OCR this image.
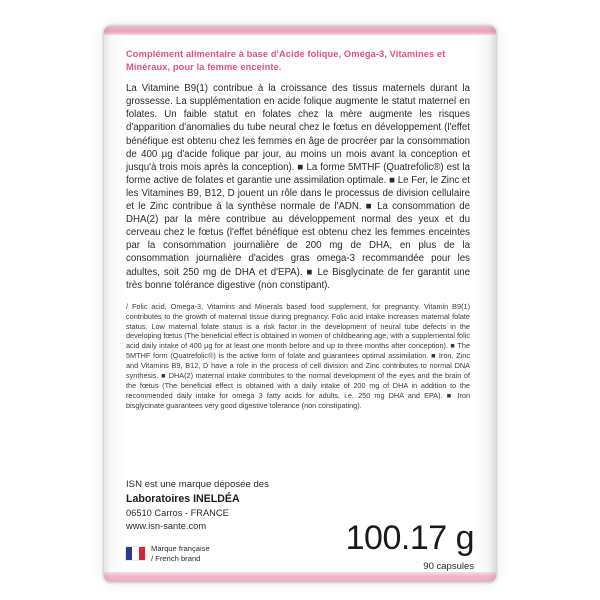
Complément alimentaire à base d'Acide folique, Oméga-3, Vitamines et Minéraux, pour la femme enceinte.
La Vitamine B9(1) contribue à la croissance des tissus maternels durant la grossesse. La supplémentation en acide folique augmente le statut maternel en folates. Un faible statut en folates chez la mère augmente les risques d'apparition d'anomalies du tube neural chez le fœtus en développement (l'effet bénéfique est obtenu chez les femmes en âge de procréer par la consommation de 400 µg d'acide folique par jour, au moins un mois avant la conception et jusqu'à trois mois après la conception). ■ La forme 5MTHF (Quatrefolic®) est la forme active de folates et garantie une assimilation optimale. ■ Le Fer, le Zinc et les Vitamines B9, B12, D jouent un rôle dans le processus de division cellulaire et le Zinc contribue à la synthèse normale de l'ADN. ■ La consommation de DHA(2) par la mère contribue au développement normal des yeux et du cerveau chez le fœtus (l'effet bénéfique est obtenu chez les femmes enceintes par la consommation journalière de 200 mg de DHA, en plus de la consommation journalière d'acides gras omega-3 recommandée pour les adultes, soit 250 mg de DHA et d'EPA). ■ Le Bisglycinate de fer garantit une très bonne tolérance digestive (non constipant).
/ Folic acid, Omega-3, Vitamins and Minerals based food supplement, for pregnancy. Vitamin B9(1) contributes to the growth of maternal tissue during pregnancy. Folic acid intake increases maternal folate status. Low maternal folate status is a risk factor in the development of neural tube defects in the developing fœtus (The beneficial effect is obtained in women of childbearing age, with a supplemental folic acid daily intake of 400 µg for at least one month before and up to three months after conception). ■ The 5MTHF form (Quatrefolic®) is the active form of folate and guarantees optimal assimilation. ■ Iron, Zinc and Vitamins B9, B12, D have a role in the process of cell division and Zinc contributes to normal DNA synthesis. ■ DHA(2) maternal intake contributes to the normal development of the eyes and the brain of the fœtus (The beneficial effect is obtained with a daily intake of 200 mg of DHA in addition to the recommended daily intake for omega 3 fatty acids for adults, i.e. 250 mg DHA and EPA). ■ Iron bisglycinate guarantees very good digestive tolerance (non constipating).
ISN est une marque déposée des
Laboratoires INELDÉA
06510 Carros - FRANCE
www.isn-sante.com
Marque française
/ French brand
100.17 g
90 capsules
